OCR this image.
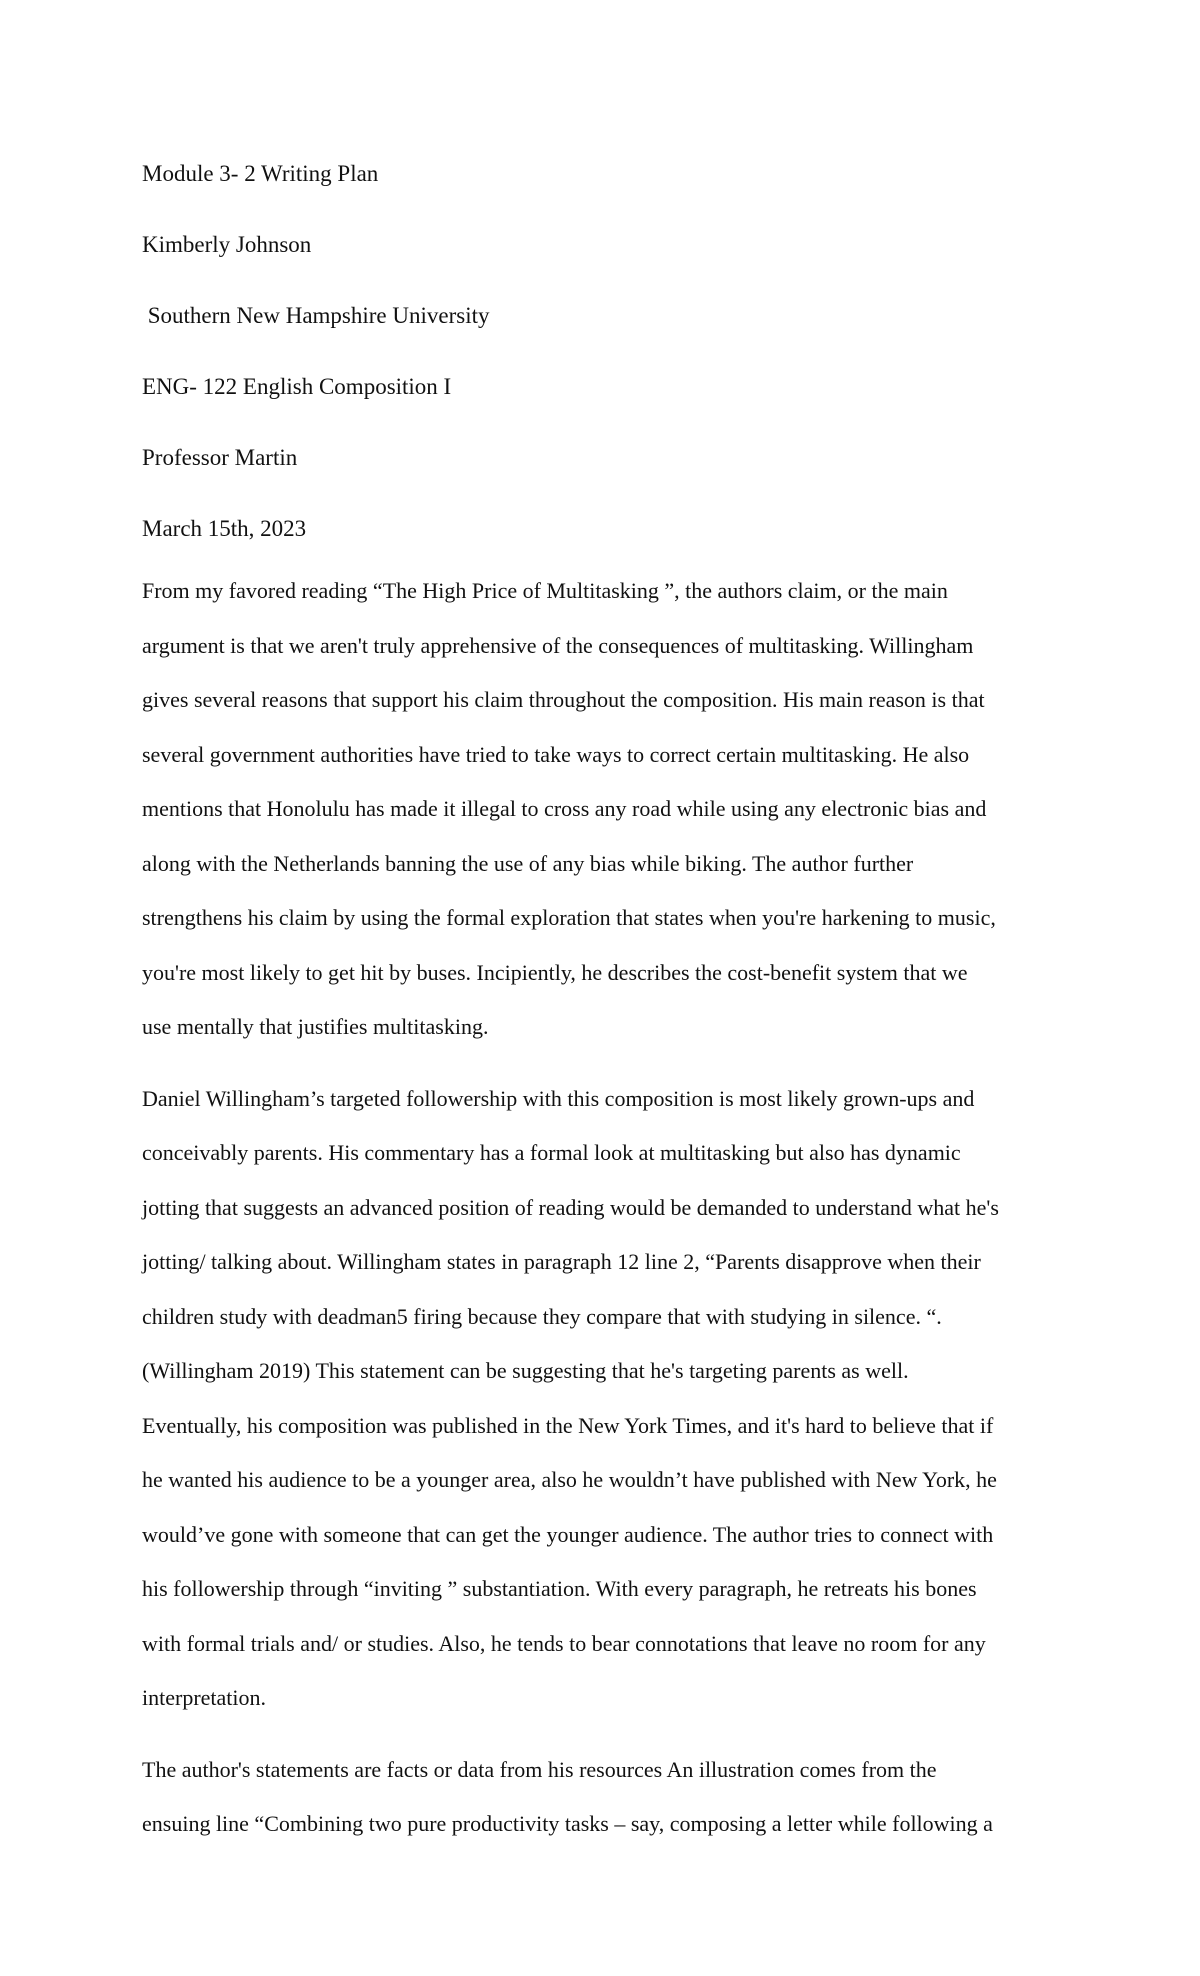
Module 3- 2 Writing Plan
Kimberly Johnson
Southern New Hampshire University
ENG- 122 English Composition I
Professor Martin
March 15th, 2023
From my favored reading “The High Price of Multitasking ”, the authors claim, or the main
argument is that we aren't truly apprehensive of the consequences of multitasking. Willingham
gives several reasons that support his claim throughout the composition. His main reason is that
several government authorities have tried to take ways to correct certain multitasking. He also
mentions that Honolulu has made it illegal to cross any road while using any electronic bias and
along with the Netherlands banning the use of any bias while biking. The author further
strengthens his claim by using the formal exploration that states when you're harkening to music,
you're most likely to get hit by buses. Incipiently, he describes the cost-benefit system that we
use mentally that justifies multitasking.
Daniel Willingham’s targeted followership with this composition is most likely grown-ups and
conceivably parents. His commentary has a formal look at multitasking but also has dynamic
jotting that suggests an advanced position of reading would be demanded to understand what he's
jotting/ talking about. Willingham states in paragraph 12 line 2, “Parents disapprove when their
children study with deadman5 firing because they compare that with studying in silence. “.
(Willingham 2019) This statement can be suggesting that he's targeting parents as well.
Eventually, his composition was published in the New York Times, and it's hard to believe that if
he wanted his audience to be a younger area, also he wouldn’t have published with New York, he
would’ve gone with someone that can get the younger audience. The author tries to connect with
his followership through “inviting ” substantiation. With every paragraph, he retreats his bones
with formal trials and/ or studies. Also, he tends to bear connotations that leave no room for any
interpretation.
The author's statements are facts or data from his resources An illustration comes from the
ensuing line “Combining two pure productivity tasks – say, composing a letter while following a
